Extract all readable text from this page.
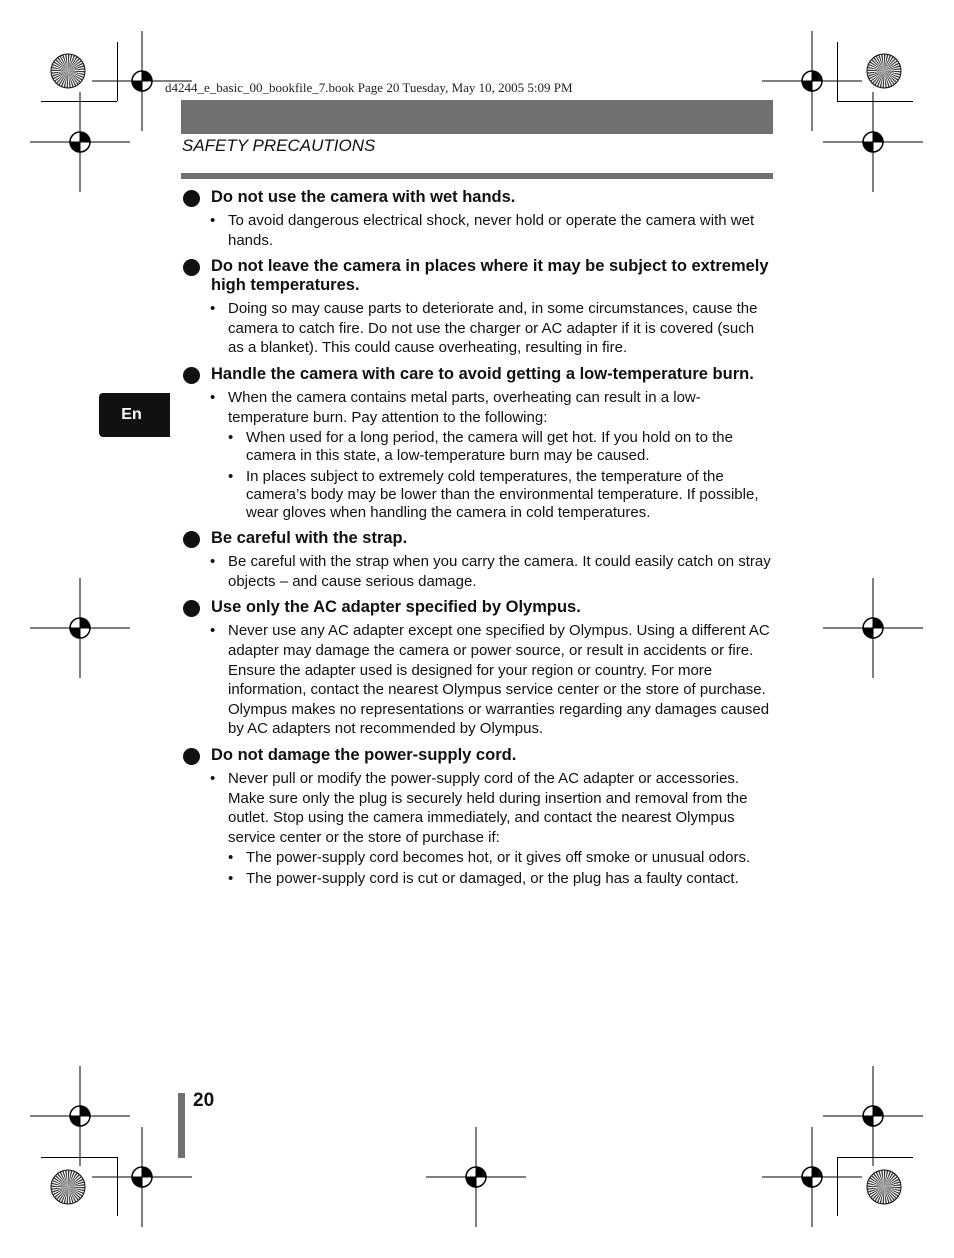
d4244_e_basic_00_bookfile_7.book Page 20 Tuesday, May 10, 2005 5:09 PM
SAFETY PRECAUTIONS
En
Do not use the camera with wet hands.
• To avoid dangerous electrical shock, never hold or operate the camera with wet hands.
Do not leave the camera in places where it may be subject to extremely high temperatures.
• Doing so may cause parts to deteriorate and, in some circumstances, cause the camera to catch fire. Do not use the charger or AC adapter if it is covered (such as a blanket). This could cause overheating, resulting in fire.
Handle the camera with care to avoid getting a low-temperature burn.
• When the camera contains metal parts, overheating can result in a low-temperature burn. Pay attention to the following:
• When used for a long period, the camera will get hot. If you hold on to the camera in this state, a low-temperature burn may be caused.
• In places subject to extremely cold temperatures, the temperature of the camera’s body may be lower than the environmental temperature. If possible, wear gloves when handling the camera in cold temperatures.
Be careful with the strap.
• Be careful with the strap when you carry the camera. It could easily catch on stray objects – and cause serious damage.
Use only the AC adapter specified by Olympus.
• Never use any AC adapter except one specified by Olympus. Using a different AC adapter may damage the camera or power source, or result in accidents or fire. Ensure the adapter used is designed for your region or country. For more information, contact the nearest Olympus service center or the store of purchase. Olympus makes no representations or warranties regarding any damages caused by AC adapters not recommended by Olympus.
Do not damage the power-supply cord.
• Never pull or modify the power-supply cord of the AC adapter or accessories. Make sure only the plug is securely held during insertion and removal from the outlet. Stop using the camera immediately, and contact the nearest Olympus service center or the store of purchase if:
• The power-supply cord becomes hot, or it gives off smoke or unusual odors.
• The power-supply cord is cut or damaged, or the plug has a faulty contact.
20
